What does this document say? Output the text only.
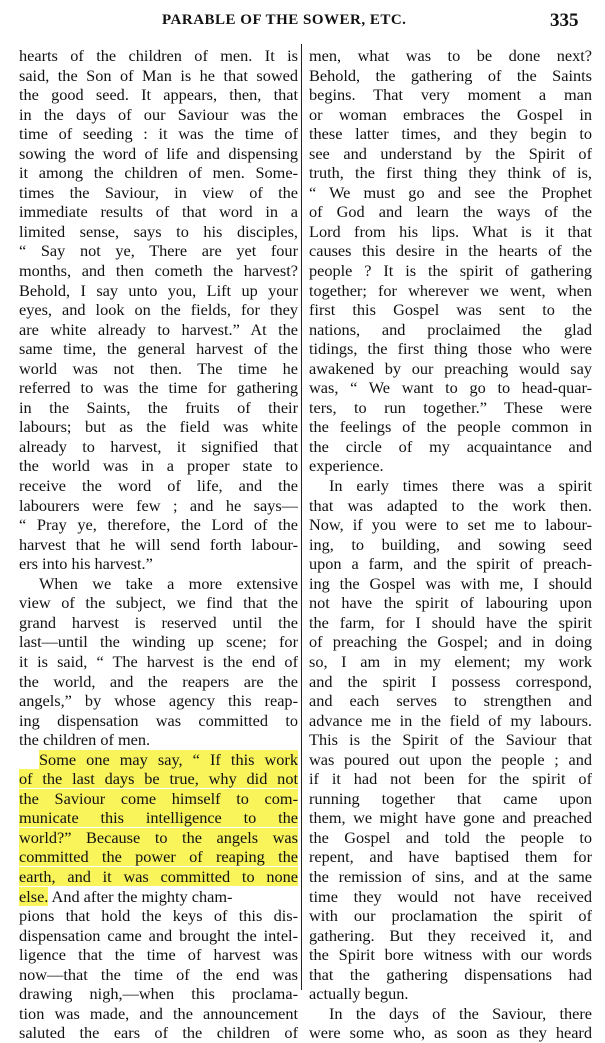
PARABLE OF THE SOWER, ETC.	335
hearts of the children of men. It is
said, the Son of Man is he that sowed
the good seed. It appears, then, that
in the days of our Saviour was the
time of seeding : it was the time of
sowing the word of life and dispensing
it among the children of men. Some-
times the Saviour, in view of the
immediate results of that word in a
limited sense, says to his disciples,
“ Say not ye, There are yet four
months, and then cometh the harvest?
Behold, I say unto you, Lift up your
eyes, and look on the fields, for they
are white already to harvest.” At the
same time, the general harvest of the
world was not then. The time he
referred to was the time for gathering
in the Saints, the fruits of their
labours; but as the field was white
already to harvest, it signified that
the world was in a proper state to
receive the word of life, and the
labourers were few ; and he says—
“ Pray ye, therefore, the Lord of the
harvest that he will send forth labour-
ers into his harvest.”
When we take a more extensive
view of the subject, we find that the
grand harvest is reserved until the
last—until the winding up scene; for
it is said, “ The harvest is the end of
the world, and the reapers are the
angels,” by whose agency this reap-
ing dispensation was committed to
the children of men.
Some one may say, “ If this work
of the last days be true, why did not
the Saviour come himself to com-
municate this intelligence to the
world?” Because to the angels was
committed the power of reaping the
earth, and it was committed to none
else. And after the mighty cham-
pions that hold the keys of this dis-
dispensation came and brought the intel-
ligence that the time of harvest was
now—that the time of the end was
drawing nigh,—when this proclama-
tion was made, and the announcement
saluted the ears of the children of
men, what was to be done next?
Behold, the gathering of the Saints
begins. That very moment a man
or woman embraces the Gospel in
these latter times, and they begin to
see and understand by the Spirit of
truth, the first thing they think of is,
“ We must go and see the Prophet
of God and learn the ways of the
Lord from his lips. What is it that
causes this desire in the hearts of the
people ? It is the spirit of gathering
together; for wherever we went, when
first this Gospel was sent to the
nations, and proclaimed the glad
tidings, the first thing those who were
awakened by our preaching would say
was, “ We want to go to head-quar-
ters, to run together.” These were
the feelings of the people common in
the circle of my acquaintance and
experience.
In early times there was a spirit
that was adapted to the work then.
Now, if you were to set me to labour-
ing, to building, and sowing seed
upon a farm, and the spirit of preach-
ing the Gospel was with me, I should
not have the spirit of labouring upon
the farm, for I should have the spirit
of preaching the Gospel; and in doing
so, I am in my element; my work
and the spirit I possess correspond,
and each serves to strengthen and
advance me in the field of my labours.
This is the Spirit of the Saviour that
was poured out upon the people ; and
if it had not been for the spirit of
running together that came upon
them, we might have gone and preached
the Gospel and told the people to
repent, and have baptised them for
the remission of sins, and at the same
time they would not have received
with our proclamation the spirit of
gathering. But they received it, and
the Spirit bore witness with our words
that the gathering dispensations had
actually begun.
In the days of the Saviour, there
were some who, as soon as they heard
